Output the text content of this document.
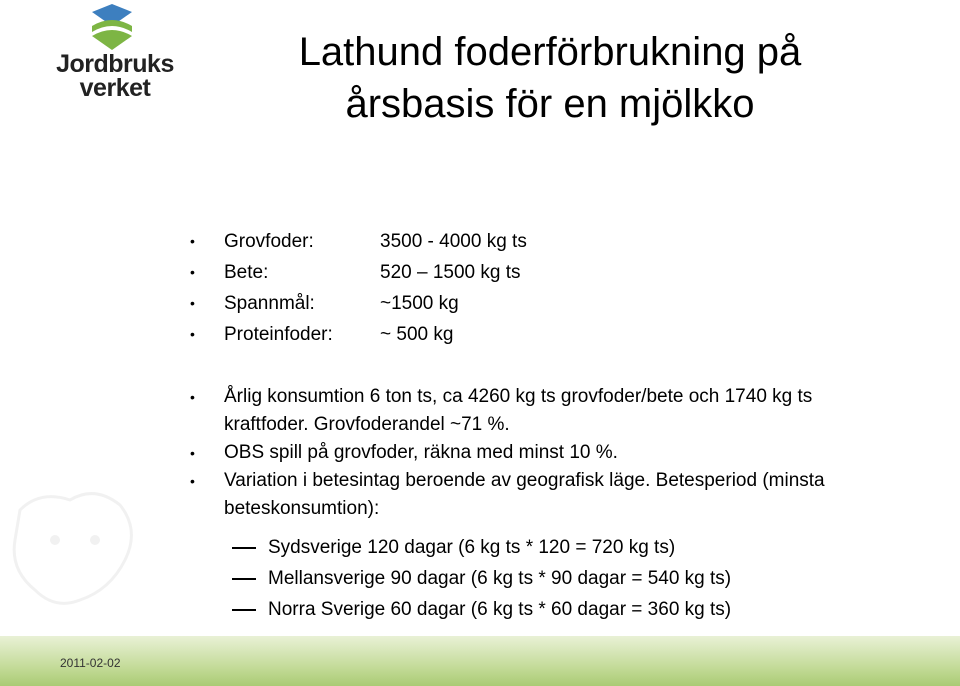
Jordbruks
verket
Lathund foderförbrukning på
årsbasis för en mjölkko
• Grovfoder:	3500 - 4000 kg ts
• Bete:	520 – 1500 kg ts
• Spannmål:	~1500 kg
• Proteinfoder: ~ 500 kg
• Årlig konsumtion 6 ton ts, ca 4260 kg ts grovfoder/bete och 1740 kg ts kraftfoder. Grovfoderandel ~71 %.
• OBS spill på grovfoder, räkna med minst 10 %.
• Variation i betesintag beroende av geografisk läge. Betesperiod (minsta beteskonsumtion):
Sydsverige 120 dagar (6 kg ts * 120 = 720 kg ts)
Mellansverige 90 dagar (6 kg ts * 90 dagar = 540 kg ts)
Norra Sverige 60 dagar (6 kg ts * 60 dagar = 360 kg ts)
2011-02-02
